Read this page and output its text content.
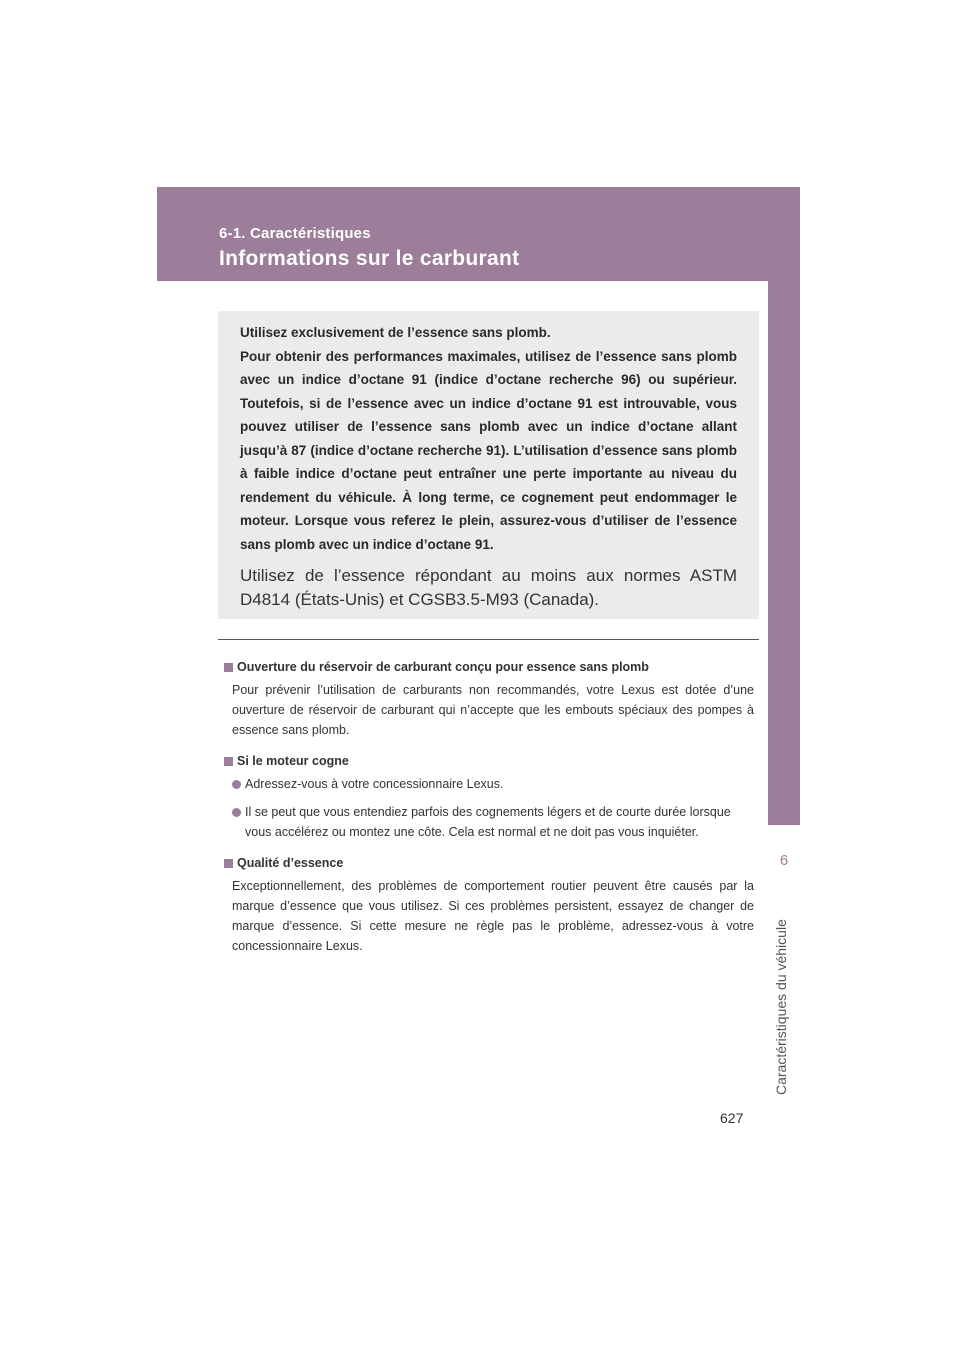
6-1. Caractéristiques
Informations sur le carburant
6
Caractéristiques du véhicule

Utilisez exclusivement de l’essence sans plomb.
Pour obtenir des performances maximales, utilisez de l’essence sans plomb avec un indice d’octane 91 (indice d’octane recherche 96) ou supérieur. Toutefois, si de l’essence avec un indice d’octane 91 est introuvable, vous pouvez utiliser de l’essence sans plomb avec un indice d’octane allant jusqu’à 87 (indice d’octane recherche 91). L’utilisation d’essence sans plomb à faible indice d’octane peut entraîner une perte importante au niveau du rendement du véhicule. À long terme, ce cognement peut endommager le moteur. Lorsque vous referez le plein, assurez-vous d’utiliser de l’essence sans plomb avec un indice d’octane 91.

Utilisez de l’essence répondant au moins aux normes ASTM D4814 (États-Unis) et CGSB3.5-M93 (Canada).

Ouverture du réservoir de carburant conçu pour essence sans plomb

Pour prévenir l’utilisation de carburants non recommandés, votre Lexus est dotée d’une ouverture de réservoir de carburant qui n’accepte que les embouts spéciaux des pompes à essence sans plomb.

Si le moteur cogne
Adressez-vous à votre concessionnaire Lexus.
Il se peut que vous entendiez parfois des cognements légers et de courte durée lorsque vous accélérez ou montez une côte. Cela est normal et ne doit pas vous inquiéter.
Qualité d’essence

Exceptionnellement, des problèmes de comportement routier peuvent être causés par la marque d’essence que vous utilisez. Si ces problèmes persistent, essayez de changer de marque d’essence. Si cette mesure ne règle pas le problème, adressez-vous à votre concessionnaire Lexus.

627
